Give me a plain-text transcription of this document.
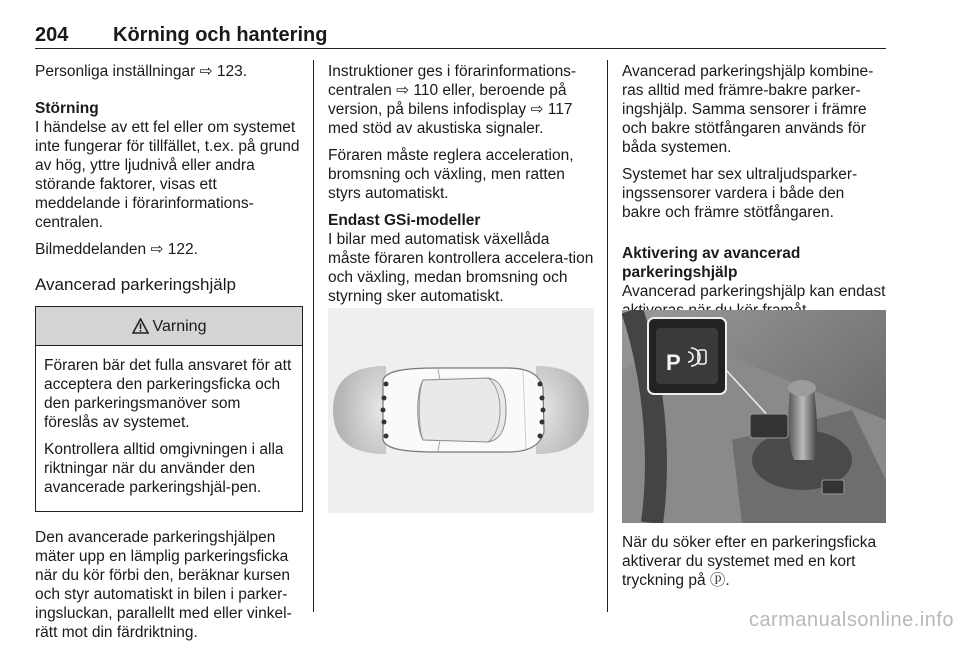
204 Körning och hantering

Personliga inställningar ⇨ 123.

Störning

I händelse av ett fel eller om systemet inte fungerar för tillfället, t.ex. på grund av hög, yttre ljudnivå eller andra störande faktorer, visas ett meddelande i förarinformations-centralen.

Bilmeddelanden ⇨ 122.

Avancerad parkeringshjälp
Varning

Föraren bär det fulla ansvaret för att acceptera den parkeringsficka och den parkeringsmanöver som föreslås av systemet.

Kontrollera alltid omgivningen i alla riktningar när du använder den avancerade parkeringshjäl-pen.

Den avancerade parkeringshjälpen mäter upp en lämplig parkeringsficka när du kör förbi den, beräknar kursen och styr automatiskt in bilen i parker-ingsluckan, parallellt med eller vinkel-rätt mot din färdriktning.

Instruktioner ges i förarinformations-centralen ⇨ 110 eller, beroende på version, på bilens infodisplay ⇨ 117 med stöd av akustiska signaler.

Föraren måste reglera acceleration, bromsning och växling, men ratten styrs automatiskt.

Endast GSi-modeller

I bilar med automatisk växellåda måste föraren kontrollera accelera-tion och växling, medan bromsning och styrning sker automatiskt.

Avancerad parkeringshjälp kombine-ras alltid med främre-bakre parker-ingshjälp. Samma sensorer i främre och bakre stötfångaren används för båda systemen.

Systemet har sex ultraljudsparker-ingssensorer vardera i både den bakre och främre stötfångaren.

Aktivering av avancerad parkeringshjälp

Avancerad parkeringshjälp kan endast

P

När du söker efter en parkeringsficka aktiverar du systemet med en kort tryckning på ⓟ.

carmanualsonline.info
